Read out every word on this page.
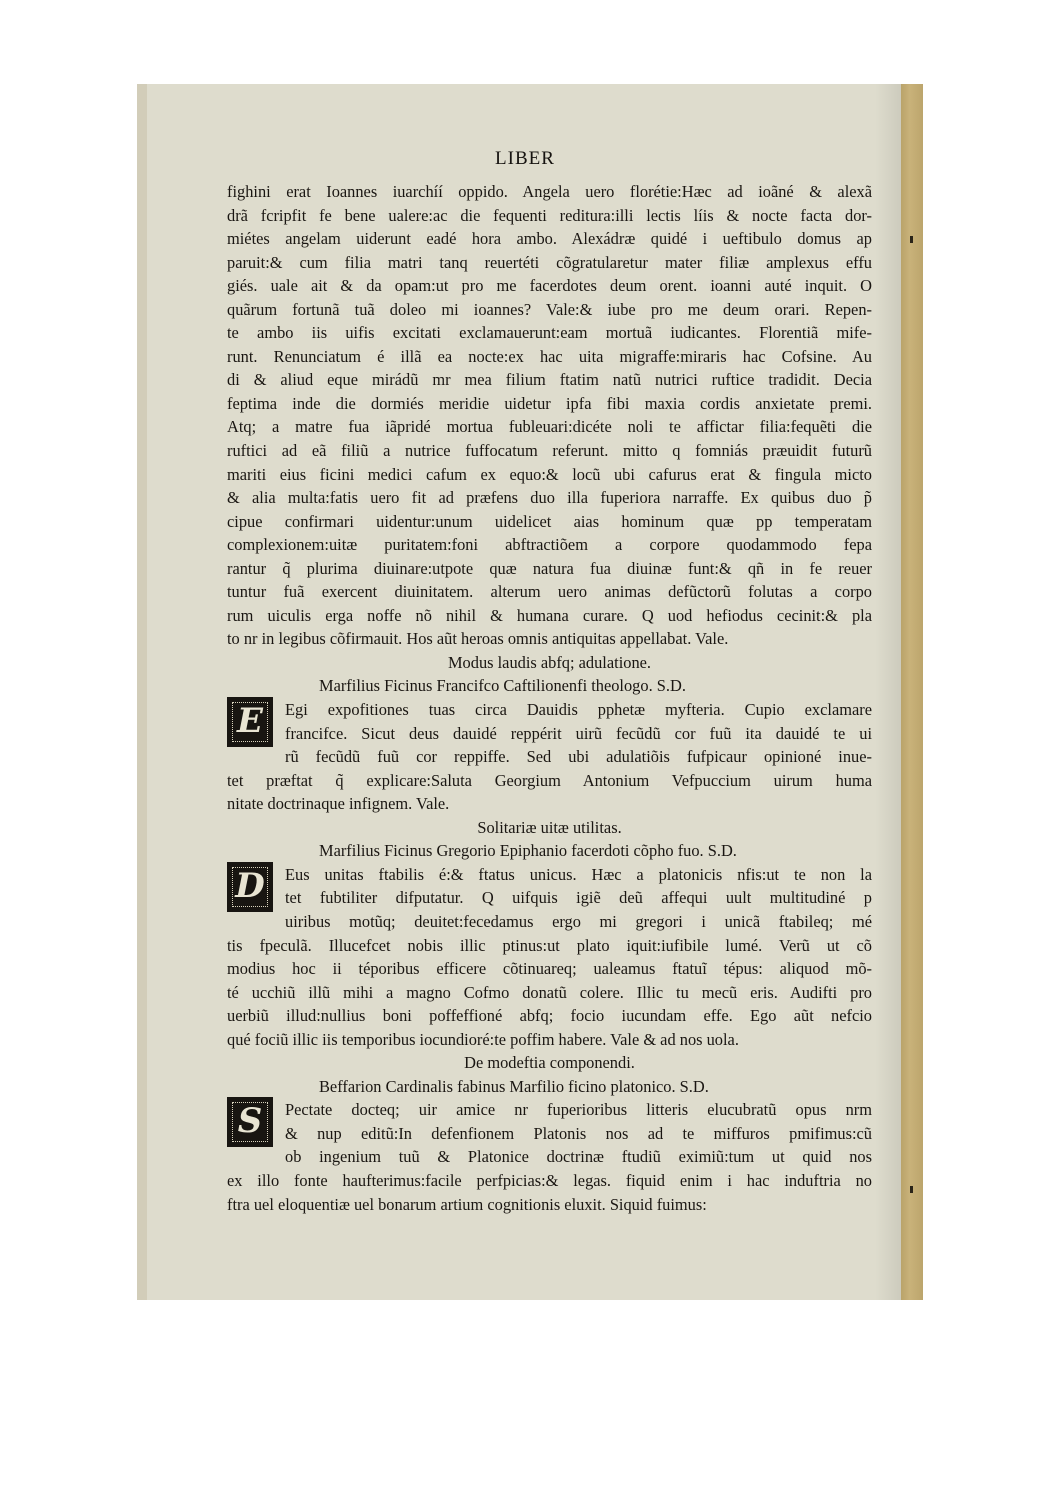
LIBER
fighini erat Ioannes iuarchíí oppido. Angela uero florétie:Hæc ad ioãné & alexã
drã fcripfit fe bene ualere:ac die fequenti reditura:illi lectis líis & nocte facta dor-
miétes angelam uiderunt eadé hora ambo. Alexádræ quidé i ueftibulo domus ap
paruit:& cum filia matri tanq reuertéti cõgratularetur mater filiæ amplexus effu
giés. uale ait & da opam:ut pro me facerdotes deum orent. ioanni auté inquit. O
quãrum fortunã tuã doleo mi ioannes? Vale:& iube pro me deum orari. Repen-
te ambo iis uifis excitati exclamauerunt:eam mortuã iudicantes. Florentiã mife-
runt. Renunciatum é illã ea nocte:ex hac uita migraffe:miraris hac Cofsine. Au
di & aliud eque mirádũ mr mea filium ftatim natũ nutrici ruftice tradidit. Decia
feptima inde die dormiés meridie uidetur ipfa fibi maxia cordis anxietate premi.
Atq; a matre fua iãpridé mortua fubleuari:dicéte noli te affictar filia:fequẽti die
ruftici ad eã filiũ a nutrice fuffocatum referunt. mitto q fomniás præuidit futurũ
mariti eius ficini medici cafum ex equo:& locũ ubi cafurus erat & fingula micto
& alia multa:fatis uero fit ad præfens duo illa fuperiora narraffe. Ex quibus duo p̃
cipue confirmari uidentur:unum uidelicet aias hominum quæ pp temperatam
complexionem:uitæ puritatem:foni abftractiõem a corpore quodammodo fepa
rantur q̃ plurima diuinare:utpote quæ natura fua diuinæ funt:& qñ in fe reuer
tuntur fuã exercent diuinitatem. alterum uero animas defũctorũ folutas a corpo
rum uiculis erga noffe nõ nihil & humana curare. Q uod hefiodus cecinit:& pla
to nr in legibus cõfirmauit. Hos aũt heroas omnis antiquitas appellabat. Vale.
Modus laudis abfq; adulatione.
Marfilius Ficinus Francifco Caftilionenfi theologo. S.D.
Egi expofitiones tuas circa Dauidis pphetæ myfteria. Cupio exclamare
francifce. Sicut deus dauidé reppérit uirũ fecũdũ cor fuũ ita dauidé te ui
rũ fecũdũ fuũ cor reppiffe. Sed ubi adulatiõis fufpicaur opinioné inue-
tet præftat q̃ explicare:Saluta Georgium Antonium Vefpuccium uirum huma
nitate doctrinaque infignem. Vale.
Solitariæ uitæ utilitas.
Marfilius Ficinus Gregorio Epiphanio facerdoti cõpho fuo. S.D.
Eus unitas ftabilis é:& ftatus unicus. Hæc a platonicis nfis:ut te non la
tet fubtiliter difputatur. Q uifquis igiẽ deũ affequi uult multitudiné p
uiribus motũq; deuitet:fecedamus ergo mi gregori i unicã ftabileq; mé
tis fpeculã. Illucefcet nobis illic ptinus:ut plato iquit:iufibile lumé. Verũ ut cõ
modius hoc ii téporibus efficere cõtinuareq; ualeamus ftatuĩ tépus: aliquod mõ-
té ucchiũ illũ mihi a magno Cofmo donatũ colere. Illic tu mecũ eris. Audifti pro
uerbiũ illud:nullius boni poffeffioné abfq; focio iucundam effe. Ego aũt nefcio
qué fociũ illic iis temporibus iocundioré:te poffim habere. Vale & ad nos uola.
De modeftia componendi.
Beffarion Cardinalis fabinus Marfilio ficino platonico. S.D.
Pectate docteq; uir amice nr fuperioribus litteris elucubratũ opus nrm
& nup editũ:In defenfionem Platonis nos ad te miffuros pmifimus:cũ
ob ingenium tuũ & Platonice doctrinæ ftudiũ eximiũ:tum ut quid nos
ex illo fonte haufterimus:facile perfpicias:& legas. fiquid enim i hac induftria no
ftra uel eloquentiæ uel bonarum artium cognitionis eluxit. Siquid fuimus:
E
D
S
